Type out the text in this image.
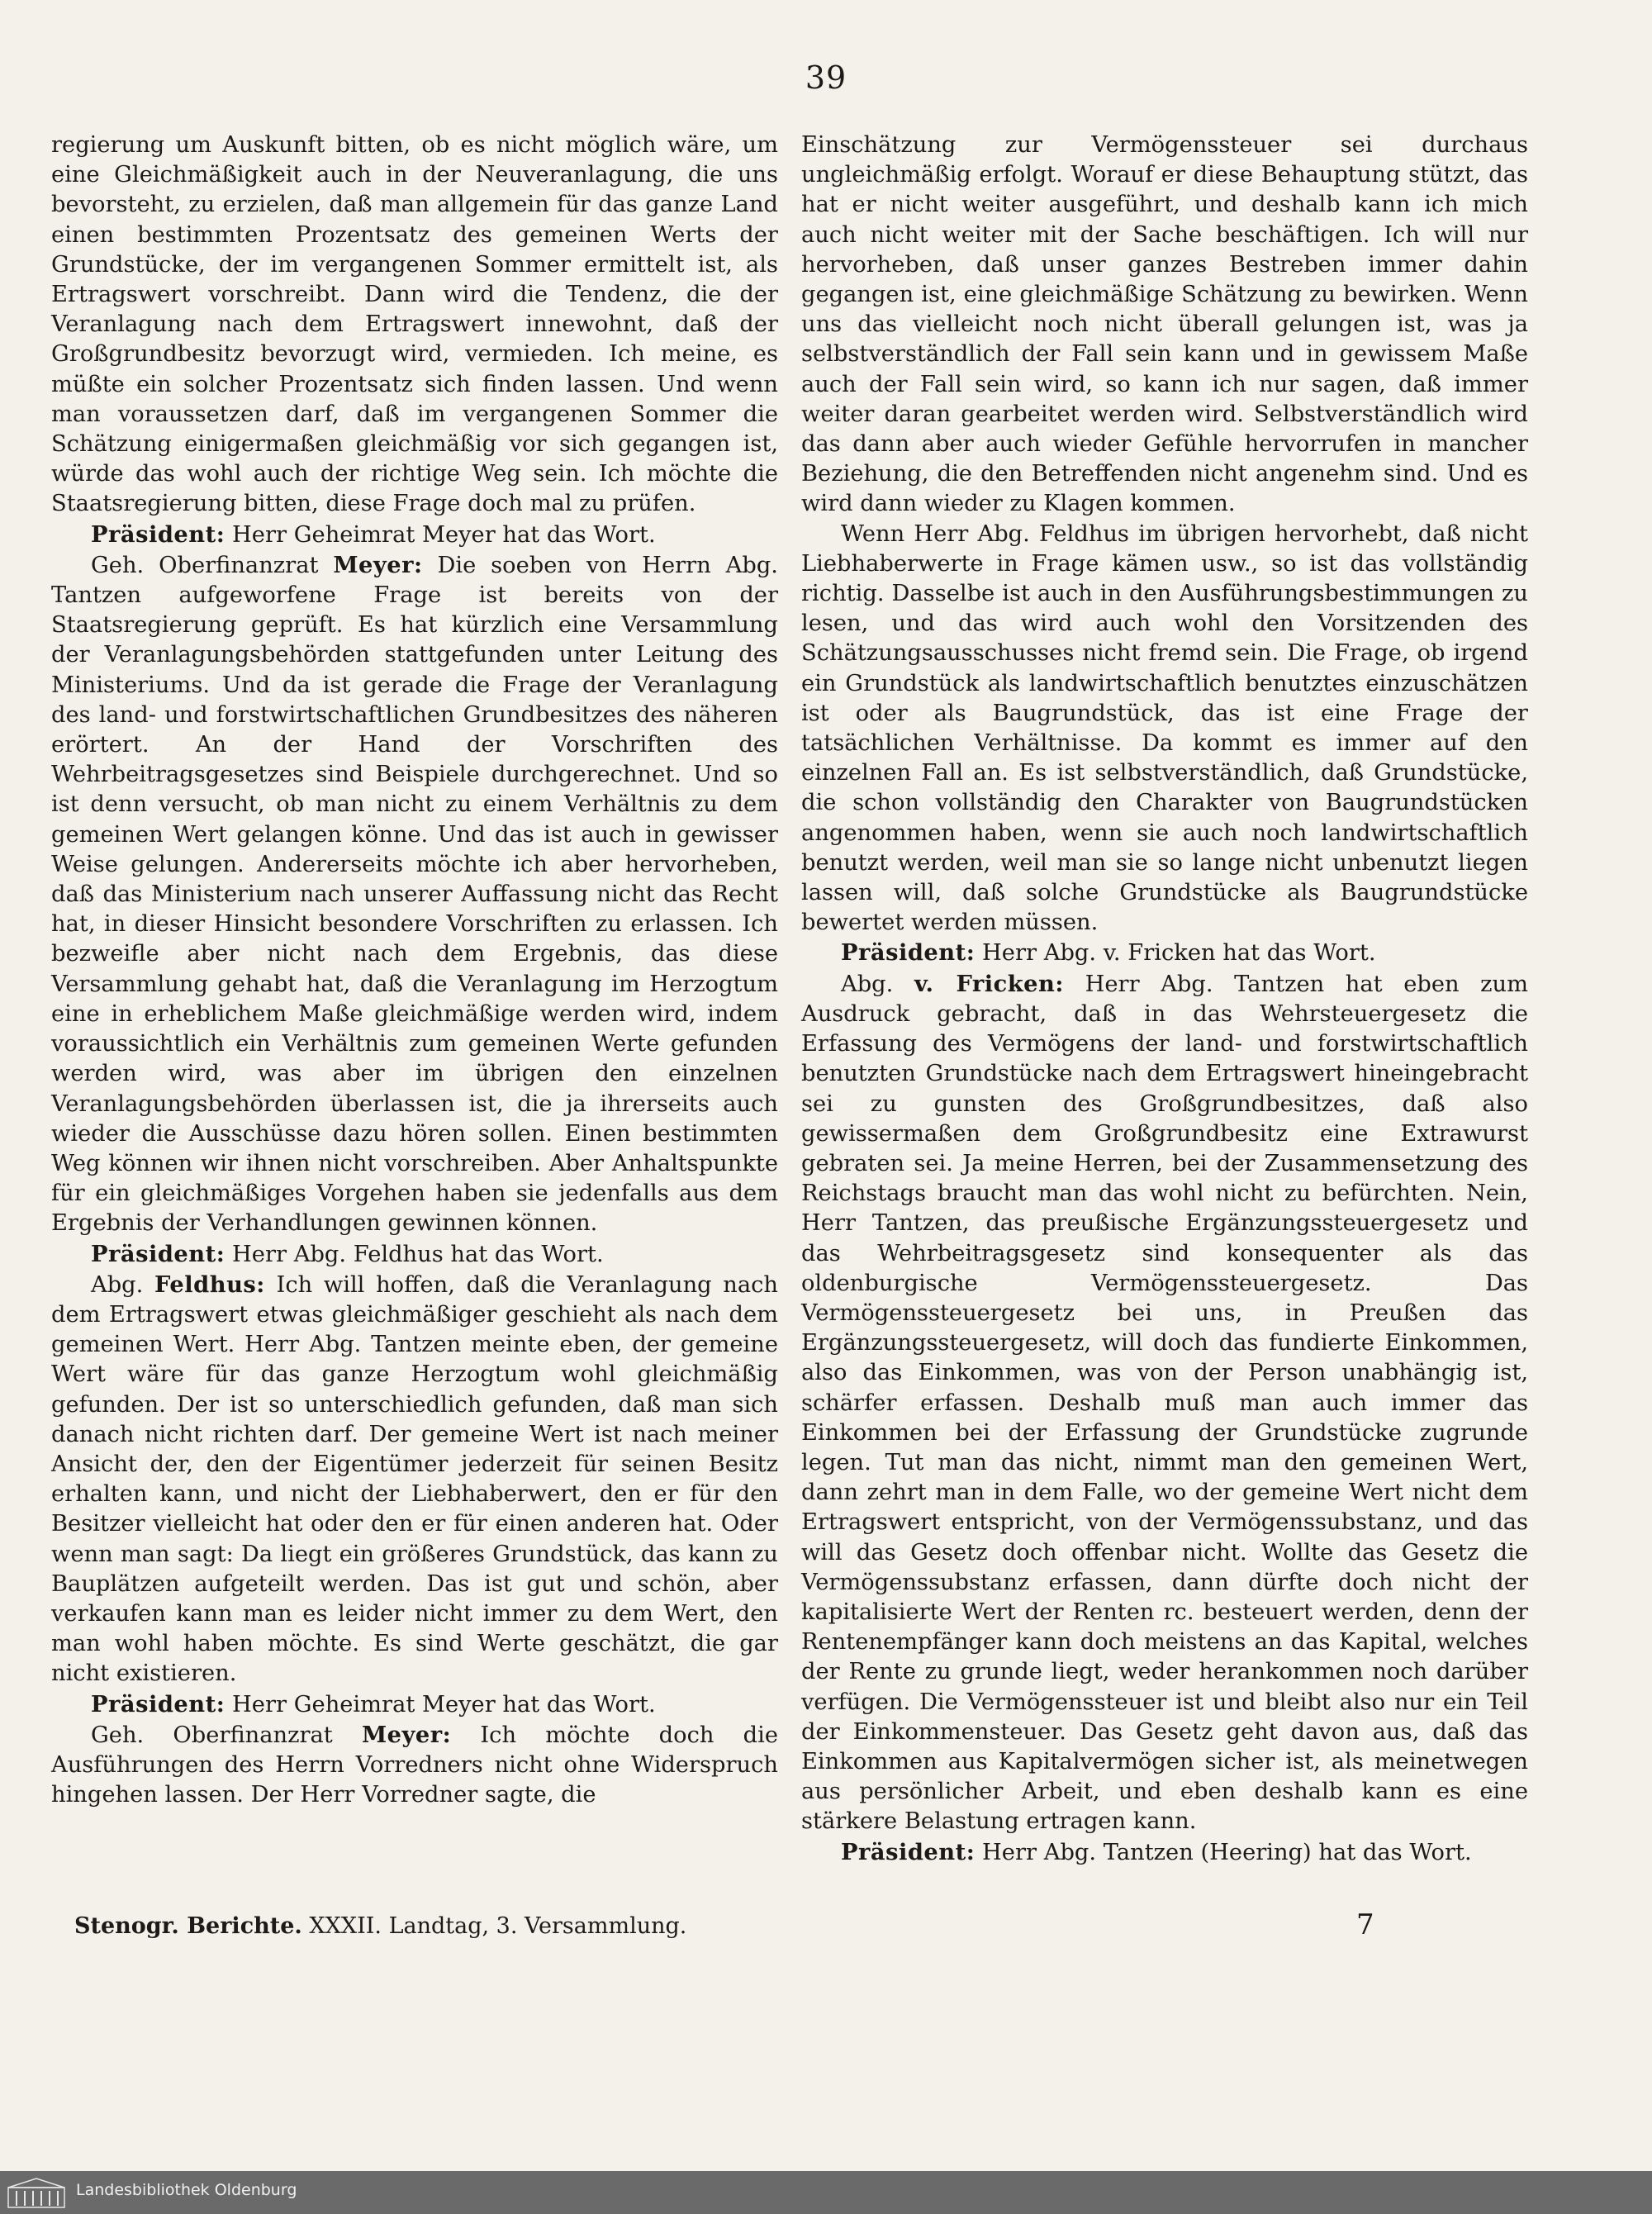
39

regierung um Auskunft bitten, ob es nicht möglich wäre, um eine Gleichmäßigkeit auch in der Neuveranlagung, die uns bevorsteht, zu erzielen, daß man allgemein für das ganze Land einen bestimmten Prozentsatz des gemeinen Werts der Grundstücke, der im vergangenen Sommer ermittelt ist, als Ertragswert vorschreibt. Dann wird die Tendenz, die der Veranlagung nach dem Ertragswert innewohnt, daß der Großgrundbesitz bevorzugt wird, vermieden. Ich meine, es müßte ein solcher Prozentsatz sich finden lassen. Und wenn man voraussetzen darf, daß im vergangenen Sommer die Schätzung einigermaßen gleichmäßig vor sich gegangen ist, würde das wohl auch der richtige Weg sein. Ich möchte die Staatsregierung bitten, diese Frage doch mal zu prüfen.

Präsident: Herr Geheimrat Meyer hat das Wort.

Geh. Oberfinanzrat Meyer: Die soeben von Herrn Abg. Tantzen aufgeworfene Frage ist bereits von der Staatsregierung geprüft. Es hat kürzlich eine Versammlung der Veranlagungsbehörden stattgefunden unter Leitung des Ministeriums. Und da ist gerade die Frage der Veranlagung des land- und forstwirtschaftlichen Grundbesitzes des näheren erörtert. An der Hand der Vorschriften des Wehrbeitragsgesetzes sind Beispiele durchgerechnet. Und so ist denn versucht, ob man nicht zu einem Verhältnis zu dem gemeinen Wert gelangen könne. Und das ist auch in gewisser Weise gelungen. Andererseits möchte ich aber hervorheben, daß das Ministerium nach unserer Auffassung nicht das Recht hat, in dieser Hinsicht besondere Vorschriften zu erlassen. Ich bezweifle aber nicht nach dem Ergebnis, das diese Versammlung gehabt hat, daß die Veranlagung im Herzogtum eine in erheblichem Maße gleichmäßige werden wird, indem voraussichtlich ein Verhältnis zum gemeinen Werte gefunden werden wird, was aber im übrigen den einzelnen Veranlagungsbehörden überlassen ist, die ja ihrerseits auch wieder die Ausschüsse dazu hören sollen. Einen bestimmten Weg können wir ihnen nicht vorschreiben. Aber Anhaltspunkte für ein gleichmäßiges Vorgehen haben sie jedenfalls aus dem Ergebnis der Verhandlungen gewinnen können.

Präsident: Herr Abg. Feldhus hat das Wort.

Abg. Feldhus: Ich will hoffen, daß die Veranlagung nach dem Ertragswert etwas gleichmäßiger geschieht als nach dem gemeinen Wert. Herr Abg. Tantzen meinte eben, der gemeine Wert wäre für das ganze Herzogtum wohl gleichmäßig gefunden. Der ist so unterschiedlich gefunden, daß man sich danach nicht richten darf. Der gemeine Wert ist nach meiner Ansicht der, den der Eigentümer jederzeit für seinen Besitz erhalten kann, und nicht der Liebhaberwert, den er für den Besitzer vielleicht hat oder den er für einen anderen hat. Oder wenn man sagt: Da liegt ein größeres Grundstück, das kann zu Bauplätzen aufgeteilt werden. Das ist gut und schön, aber verkaufen kann man es leider nicht immer zu dem Wert, den man wohl haben möchte. Es sind Werte geschätzt, die gar nicht existieren.

Präsident: Herr Geheimrat Meyer hat das Wort.

Geh. Oberfinanzrat Meyer: Ich möchte doch die Ausführungen des Herrn Vorredners nicht ohne Widerspruch hingehen lassen. Der Herr Vorredner sagte, die

Einschätzung zur Vermögenssteuer sei durchaus ungleichmäßig erfolgt. Worauf er diese Behauptung stützt, das hat er nicht weiter ausgeführt, und deshalb kann ich mich auch nicht weiter mit der Sache beschäftigen. Ich will nur hervorheben, daß unser ganzes Bestreben immer dahin gegangen ist, eine gleichmäßige Schätzung zu bewirken. Wenn uns das vielleicht noch nicht überall gelungen ist, was ja selbstverständlich der Fall sein kann und in gewissem Maße auch der Fall sein wird, so kann ich nur sagen, daß immer weiter daran gearbeitet werden wird. Selbstverständlich wird das dann aber auch wieder Gefühle hervorrufen in mancher Beziehung, die den Betreffenden nicht angenehm sind. Und es wird dann wieder zu Klagen kommen.

Wenn Herr Abg. Feldhus im übrigen hervorhebt, daß nicht Liebhaberwerte in Frage kämen usw., so ist das vollständig richtig. Dasselbe ist auch in den Ausführungsbestimmungen zu lesen, und das wird auch wohl den Vorsitzenden des Schätzungsausschusses nicht fremd sein. Die Frage, ob irgend ein Grundstück als landwirtschaftlich benutztes einzuschätzen ist oder als Baugrundstück, das ist eine Frage der tatsächlichen Verhältnisse. Da kommt es immer auf den einzelnen Fall an. Es ist selbstverständlich, daß Grundstücke, die schon vollständig den Charakter von Baugrundstücken angenommen haben, wenn sie auch noch landwirtschaftlich benutzt werden, weil man sie so lange nicht unbenutzt liegen lassen will, daß solche Grundstücke als Baugrundstücke bewertet werden müssen.

Präsident: Herr Abg. v. Fricken hat das Wort.

Abg. v. Fricken: Herr Abg. Tantzen hat eben zum Ausdruck gebracht, daß in das Wehrsteuergesetz die Erfassung des Vermögens der land- und forstwirtschaftlich benutzten Grundstücke nach dem Ertragswert hineingebracht sei zu gunsten des Großgrundbesitzes, daß also gewissermaßen dem Großgrundbesitz eine Extrawurst gebraten sei. Ja meine Herren, bei der Zusammensetzung des Reichstags braucht man das wohl nicht zu befürchten. Nein, Herr Tantzen, das preußische Ergänzungssteuergesetz und das Wehrbeitragsgesetz sind konsequenter als das oldenburgische Vermögenssteuergesetz. Das Vermögenssteuergesetz bei uns, in Preußen das Ergänzungssteuergesetz, will doch das fundierte Einkommen, also das Einkommen, was von der Person unabhängig ist, schärfer erfassen. Deshalb muß man auch immer das Einkommen bei der Erfassung der Grundstücke zugrunde legen. Tut man das nicht, nimmt man den gemeinen Wert, dann zehrt man in dem Falle, wo der gemeine Wert nicht dem Ertragswert entspricht, von der Vermögenssubstanz, und das will das Gesetz doch offenbar nicht. Wollte das Gesetz die Vermögenssubstanz erfassen, dann dürfte doch nicht der kapitalisierte Wert der Renten rc. besteuert werden, denn der Rentenempfänger kann doch meistens an das Kapital, welches der Rente zu grunde liegt, weder herankommen noch darüber verfügen. Die Vermögenssteuer ist und bleibt also nur ein Teil der Einkommensteuer. Das Gesetz geht davon aus, daß das Einkommen aus Kapitalvermögen sicher ist, als meinetwegen aus persönlicher Arbeit, und eben deshalb kann es eine stärkere Belastung ertragen kann.

Präsident: Herr Abg. Tantzen (Heering) hat das Wort.

Stenogr. Berichte. XXXII. Landtag, 3. Versammlung.	7
Landesbibliothek Oldenburg
